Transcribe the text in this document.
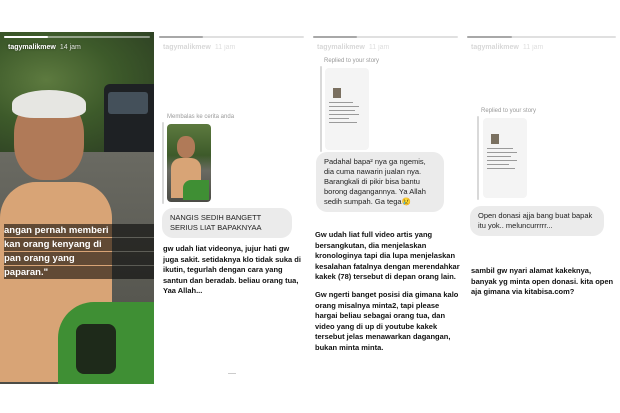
tagymalikmew 14 jam
angan pernah memberi
kan orang kenyang di
pan orang yang
paparan."
tagymalikmew 11 jam
Membalas ke cerita anda
NANGIS SEDIH BANGETT SERIUS LIAT BAPAKNYAA
gw udah liat videonya, jujur hati gw juga sakit. setidaknya klo tidak suka di ikutin, tegurlah dengan cara yang santun dan beradab. beliau orang tua, Yaa Allah...
tagymalikmew 11 jam
Replied to your story
Padahal bapa² nya ga ngemis, dia cuma nawarin jualan nya. Barangkali di pikir bisa bantu borong dagangannya. Ya Allah sedih sumpah. Ga tega😢
Gw udah liat full video artis yang bersangkutan, dia menjelaskan kronologinya tapi dia lupa menjelaskan kesalahan fatalnya dengan merendahkar kakek (78) tersebut di depan orang lain.
Gw ngerti banget posisi dia gimana kalo orang misalnya minta2, tapi please hargai beliau sebagai orang tua, dan video yang di up di youtube kakek tersebut jelas menawarkan dagangan, bukan minta minta.
tagymalikmew 11 jam
Replied to your story
Open donasi ajja bang buat bapak itu yok.. meluncurrrrr...
sambil gw nyari alamat kakeknya, banyak yg minta open donasi. kita open aja gimana via kitabisa.com?
